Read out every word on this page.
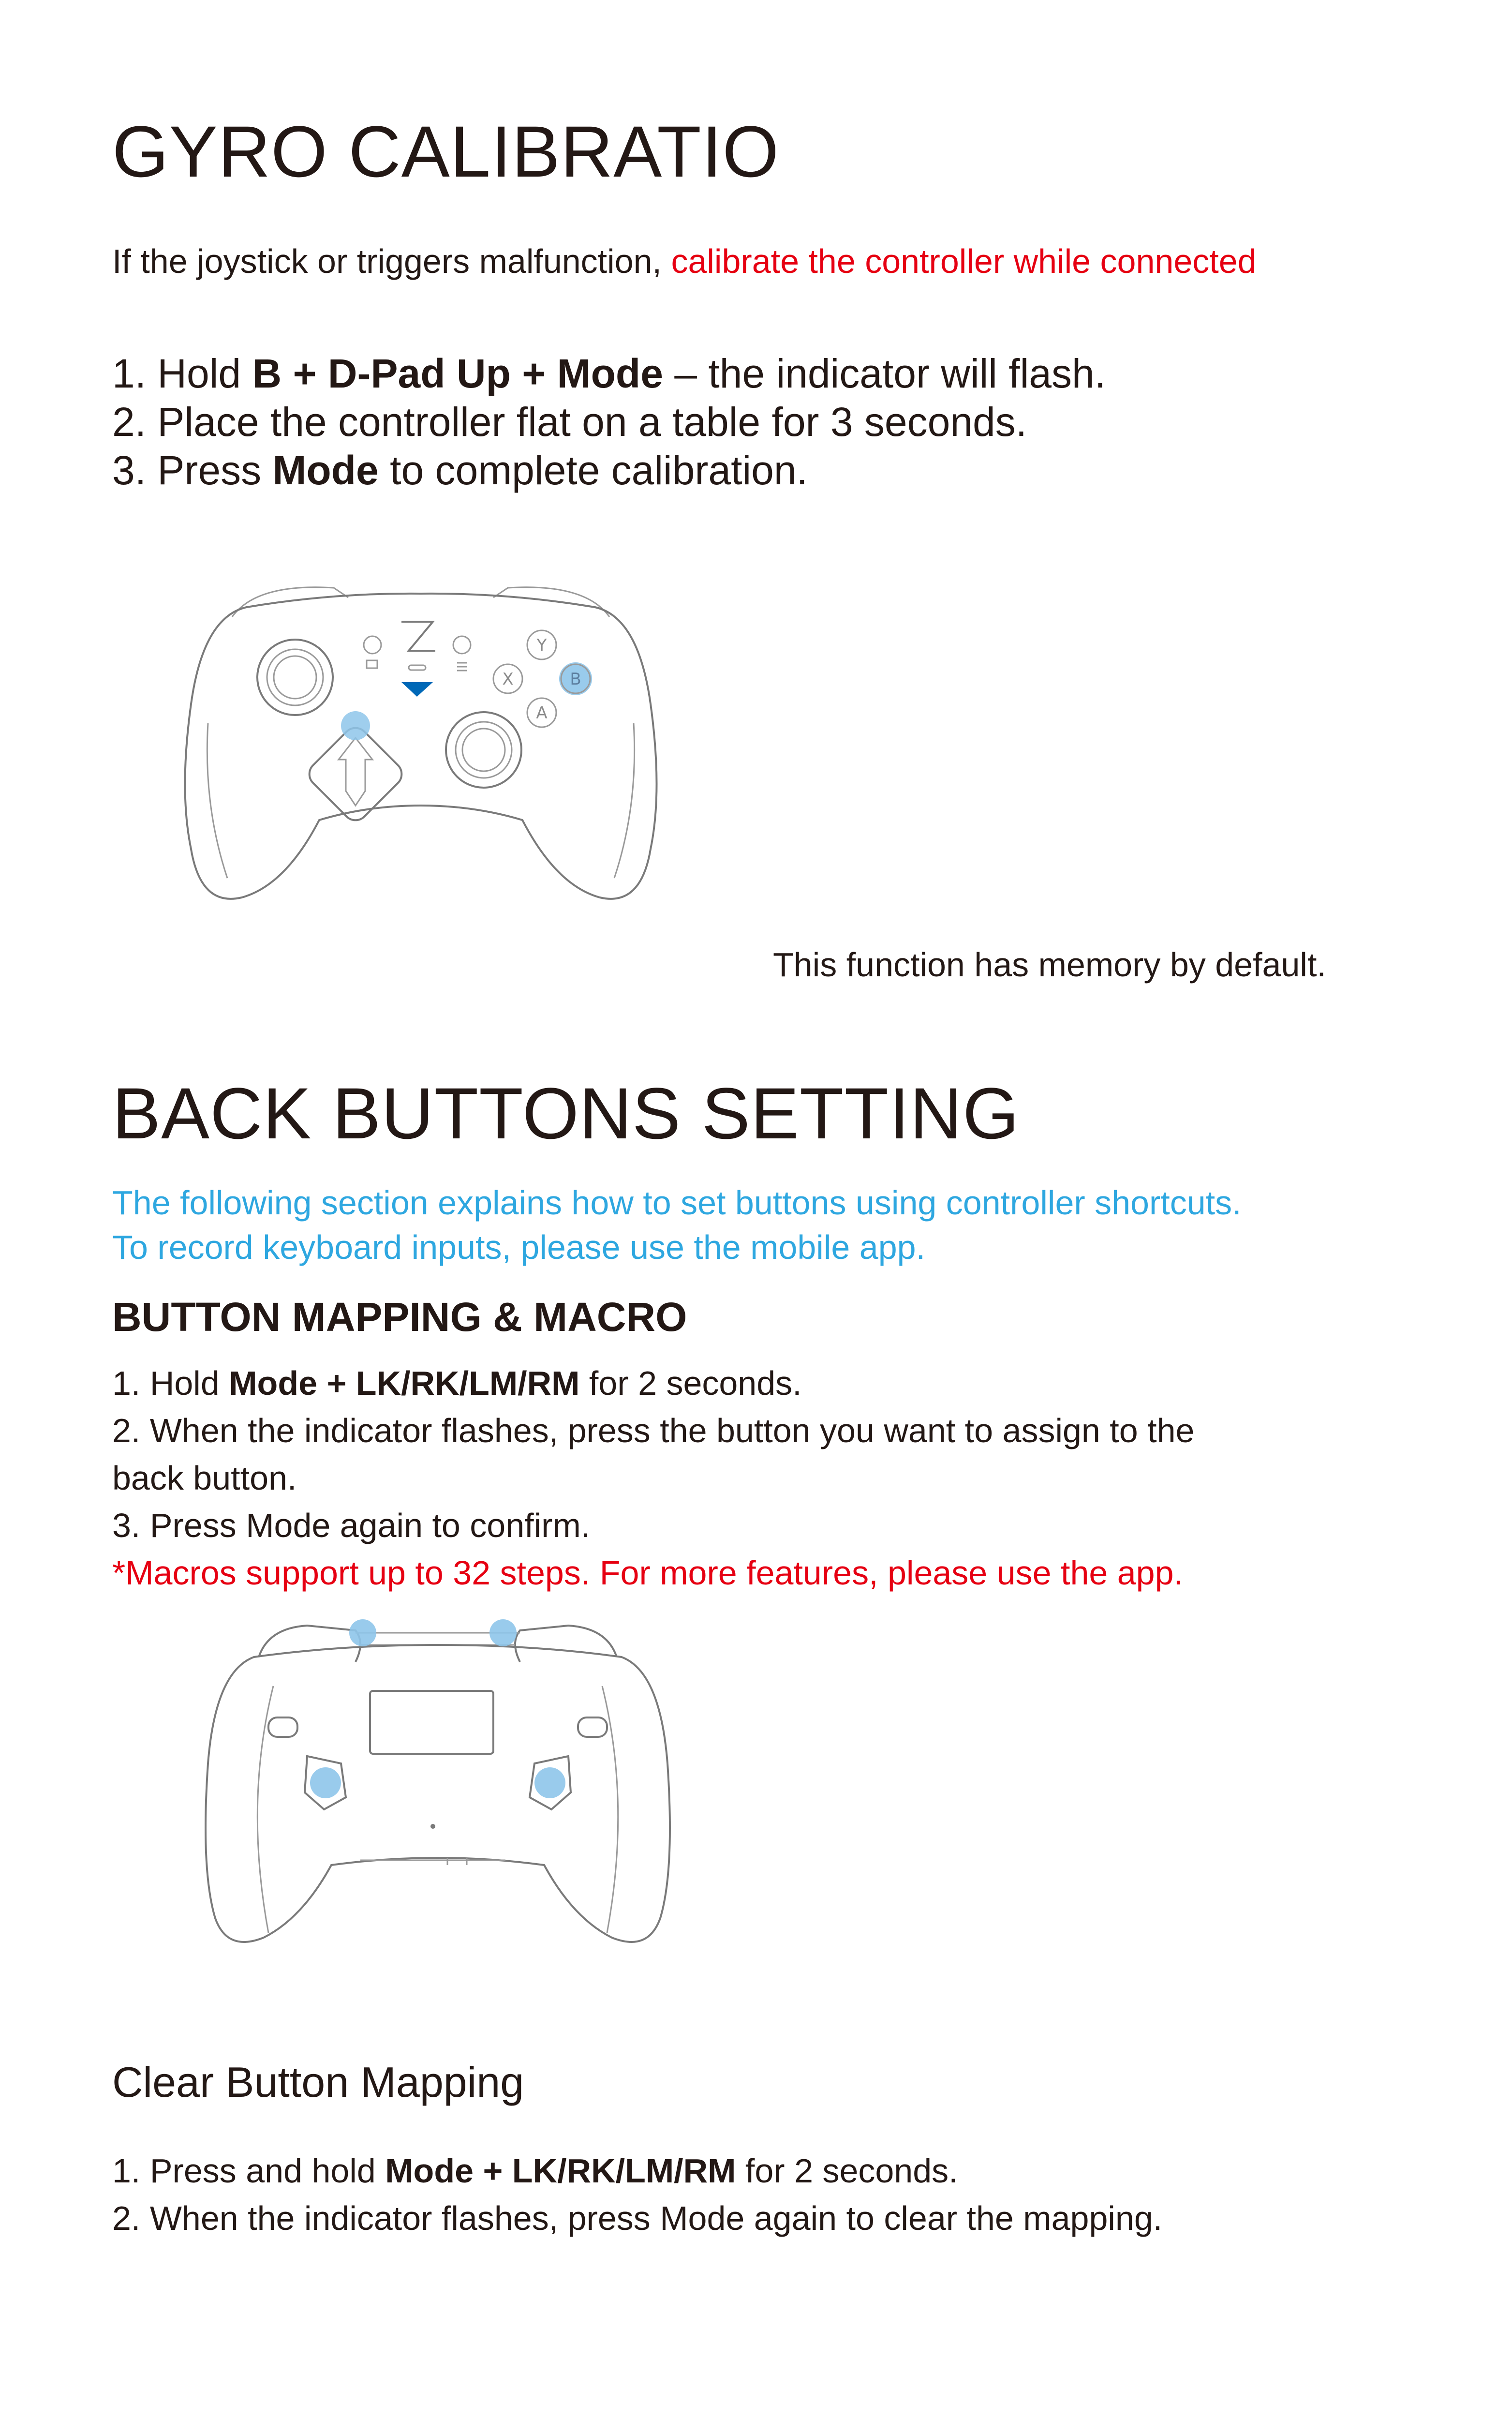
GYRO CALIBRATIO

If the joystick or triggers malfunction, calibrate the controller while connected

1. Hold B + D-Pad Up + Mode – the indicator will flash.
2. Place the controller flat on a table for 3 seconds.
3. Press Mode to complete calibration.
Y
X	B
A

This function has memory by default.

BACK BUTTONS SETTING
The following section explains how to set buttons using controller shortcuts.
To record keyboard inputs, please use the mobile app.
BUTTON MAPPING & MACRO
1. Hold Mode + LK/RK/LM/RM for 2 seconds.
2. When the indicator flashes, press the button you want to assign to the
back button.
3. Press Mode again to confirm.
*Macros support up to 32 steps. For more features, please use the app.
Clear Button Mapping
1. Press and hold Mode + LK/RK/LM/RM for 2 seconds.
2. When the indicator flashes, press Mode again to clear the mapping.
